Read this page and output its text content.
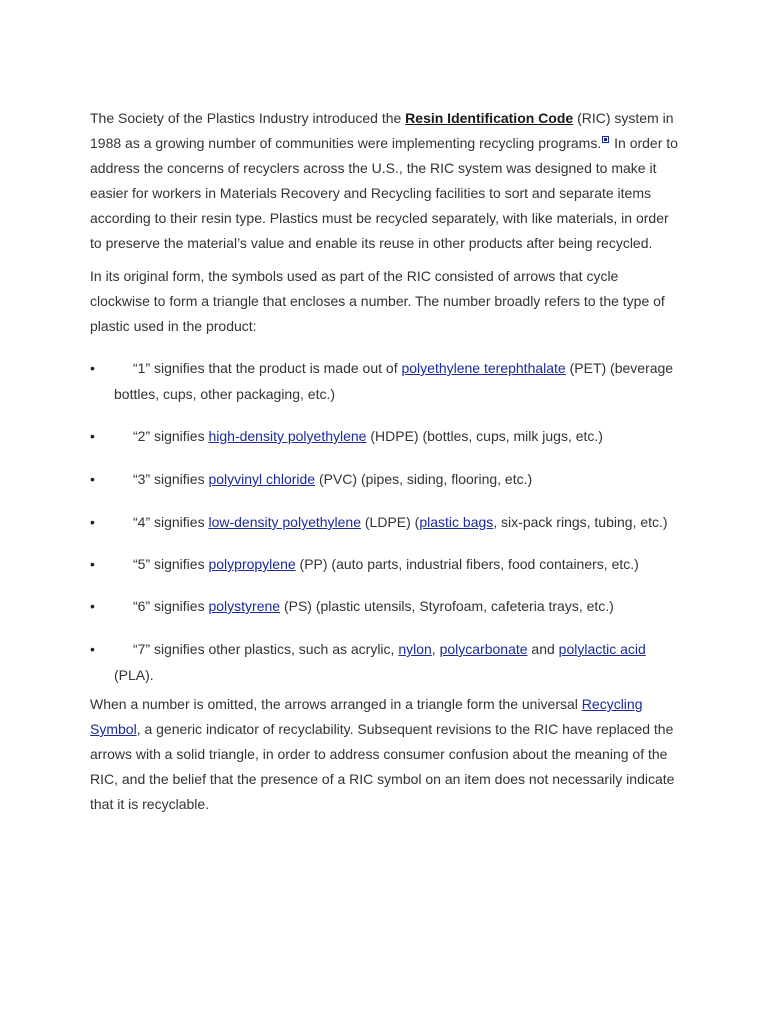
The Society of the Plastics Industry introduced the Resin Identification Code (RIC) system in 1988 as a growing number of communities were implementing recycling programs. In order to address the concerns of recyclers across the U.S., the RIC system was designed to make it easier for workers in Materials Recovery and Recycling facilities to sort and separate items according to their resin type. Plastics must be recycled separately, with like materials, in order to preserve the material’s value and enable its reuse in other products after being recycled.

In its original form, the symbols used as part of the RIC consisted of arrows that cycle clockwise to form a triangle that encloses a number. The number broadly refers to the type of plastic used in the product:

•	“1” signifies that the product is made out of polyethylene terephthalate (PET) (beverage bottles, cups, other packaging, etc.)
•	“2” signifies high-density polyethylene (HDPE) (bottles, cups, milk jugs, etc.)
•	“3” signifies polyvinyl chloride (PVC) (pipes, siding, flooring, etc.)
•	“4” signifies low-density polyethylene (LDPE) (plastic bags, six-pack rings, tubing, etc.)
•	“5” signifies polypropylene (PP) (auto parts, industrial fibers, food containers, etc.)
•	“6” signifies polystyrene (PS) (plastic utensils, Styrofoam, cafeteria trays, etc.)
•	“7” signifies other plastics, such as acrylic, nylon, polycarbonate and polylactic acid (PLA).

When a number is omitted, the arrows arranged in a triangle form the universal Recycling Symbol, a generic indicator of recyclability. Subsequent revisions to the RIC have replaced the arrows with a solid triangle, in order to address consumer confusion about the meaning of the RIC, and the belief that the presence of a RIC symbol on an item does not necessarily indicate that it is recyclable.
